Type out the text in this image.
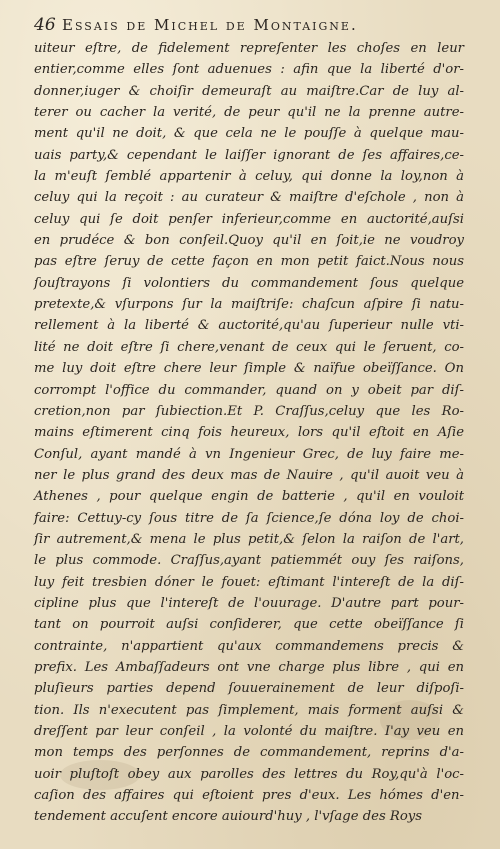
46 Essais de Michel de Montaigne.
uiteur eſtre, de fidelement repreſenter les choſes en leur
entier,comme elles ſont aduenues : afin que la liberté d'or-
donner,iuger & choiſir demeuraſt au maiſtre.Car de luy al-
terer ou cacher la verité, de peur qu'il ne la prenne autre-
ment qu'il ne doit, & que cela ne le pouſſe à quelque mau-
uais party,& cependant le laiſſer ignorant de ſes affaires,ce-
la m'euſt ſemblé appartenir à celuy, qui donne la loy,non à
celuy qui la reçoit : au curateur & maiſtre d'eſchole , non à
celuy qui ſe doit penſer inferieur,comme en auctorité,auſsi
en prudéce & bon conſeil.Quoy qu'il en ſoit,ie ne voudroy
pas eſtre ſeruy de cette façon en mon petit faict.Nous nous
ſouſtrayons ſi volontiers du commandement ſous quelque
pretexte,& vſurpons ſur la maiſtriſe: chaſcun aſpire ſi natu-
rellement à la liberté & auctorité,qu'au ſuperieur nulle vti-
lité ne doit eſtre ſi chere,venant de ceux qui le ſeruent, co-
me luy doit eſtre chere leur ſimple & naïfue obeïſſance. On
corrompt l'office du commander, quand on y obeit par diſ-
cretion,non par ſubiection.Et P. Craſſus,celuy que les Ro-
mains eſtimerent cinq fois heureux, lors qu'il eſtoit en Aſie
Conſul, ayant mandé à vn Ingenieur Grec, de luy faire me-
ner le plus grand des deux mas de Nauire , qu'il auoit veu à
Athenes , pour quelque engin de batterie , qu'il en vouloit
faire: Cettuy-cy ſous titre de ſa ſcience,ſe dóna loy de choi-
ſir autrement,& mena le plus petit,& ſelon la raiſon de l'art,
le plus commode. Craſſus,ayant patiemmét ouy ſes raiſons,
luy feit tresbien dóner le fouet: eſtimant l'intereſt de la diſ-
cipline plus que l'intereſt de l'ouurage. D'autre part pour-
tant on pourroit auſsi conſiderer, que cette obeïſſance ſi
contrainte, n'appartient qu'aux commandemens precis &
prefix. Les Ambaſſadeurs ont vne charge plus libre , qui en
pluſieurs parties depend ſouuerainement de leur diſpoſi-
tion. Ils n'executent pas ſimplement, mais forment auſsi &
dreſſent par leur conſeil , la volonté du maiſtre. I'ay veu en
mon temps des perſonnes de commandement, reprins d'a-
uoir pluſtoſt obey aux parolles des lettres du Roy,qu'à l'oc-
caſion des affaires qui eſtoient pres d'eux. Les hómes d'en-
tendement accuſent encore auiourd'huy , l'vſage des Roys
